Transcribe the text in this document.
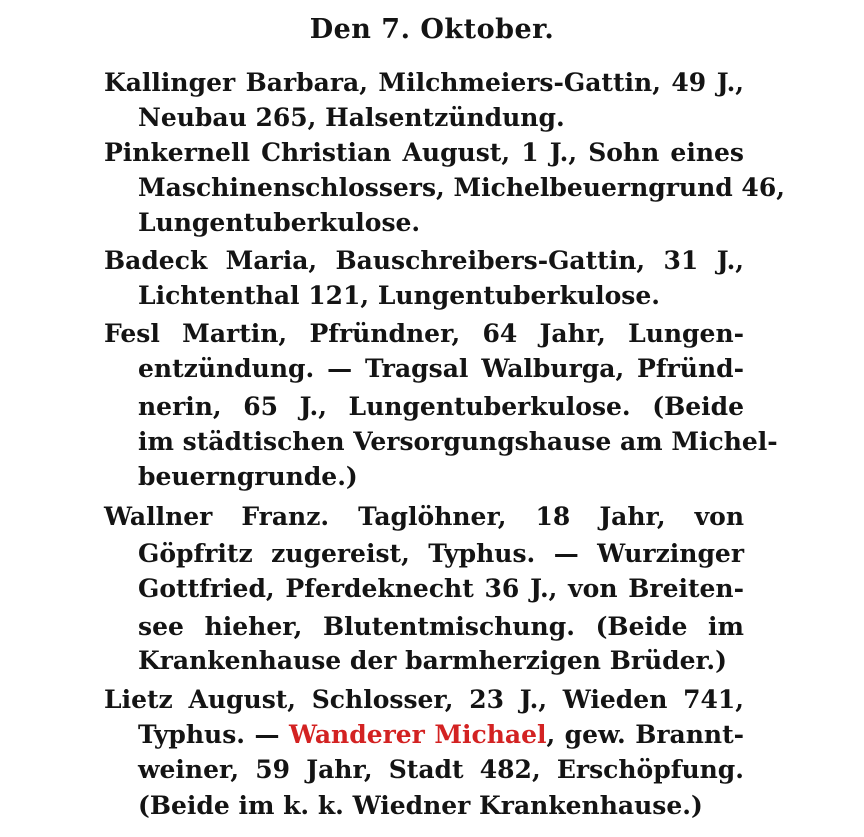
Den 7. Oktober.
Kallinger Barbara, Milchmeiers-Gattin, 49 J.,
Neubau 265, Halsentzündung.
Pinkernell Christian August, 1 J., Sohn eines
Maschinenschlossers, Michelbeuerngrund 46,
Lungentuberkulose.
Badeck Maria, Bauschreibers-Gattin, 31 J.,
Lichtenthal 121, Lungentuberkulose.
Fesl Martin, Pfründner, 64 Jahr, Lungen-
entzündung. — Tragsal Walburga, Pfründ-
nerin, 65 J., Lungentuberkulose. (Beide
im städtischen Versorgungshause am Michel-
beuerngrunde.)
Wallner Franz. Taglöhner, 18 Jahr, von
Göpfritz zugereist, Typhus. — Wurzinger
Gottfried, Pferdeknecht 36 J., von Breiten-
see hieher, Blutentmischung. (Beide im
Krankenhause der barmherzigen Brüder.)
Lietz August, Schlosser, 23 J., Wieden 741,
Typhus. — Wanderer Michael, gew. Brannt-
weiner, 59 Jahr, Stadt 482, Erschöpfung.
(Beide im k. k. Wiedner Krankenhause.)
